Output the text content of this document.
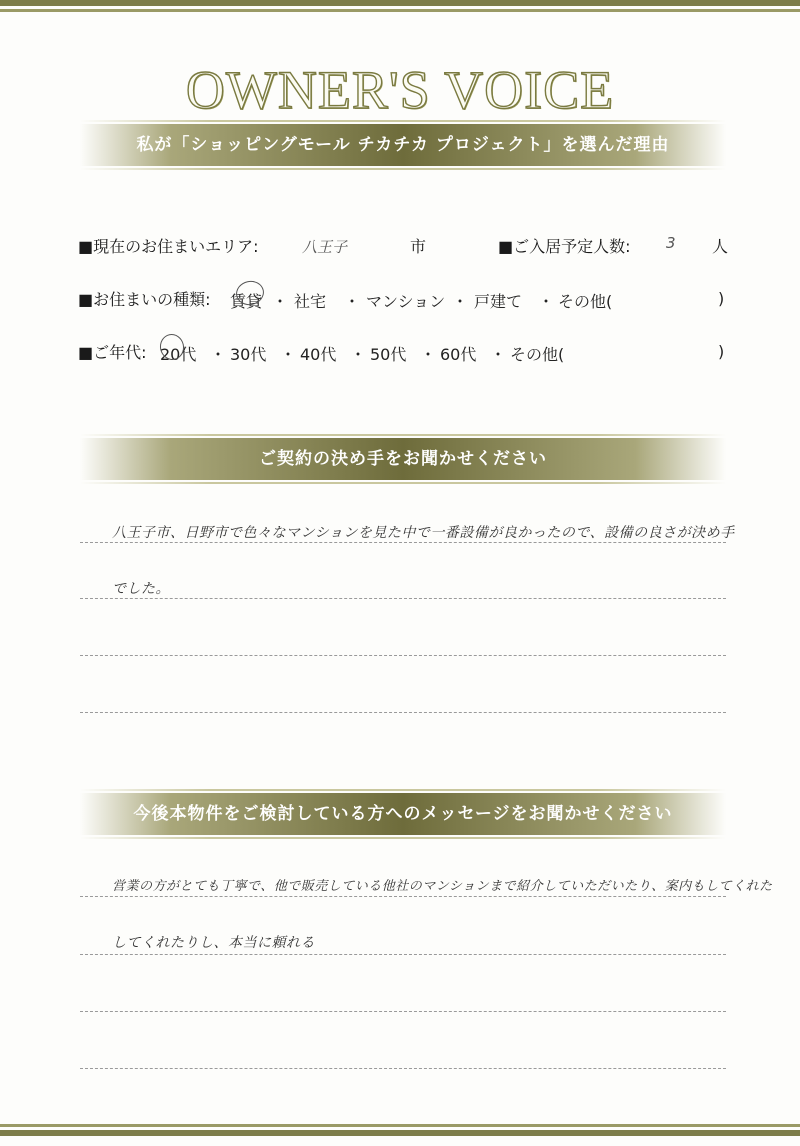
OWNER'S VOICE
私が「ショッピングモール チカチカ プロジェクト」を選んだ理由
■現在のお住まいエリア:	八王子	市	■ご入居予定人数: 3 人
■お住まいの種類: 賃貸 ・ 社宅 ・ マンション ・ 戸建て ・ その他(	)
■ご年代: 20代 ・ 30代 ・ 40代 ・ 50代 ・ 60代 ・ その他(	)
ご契約の決め手をお聞かせください
八王子市、日野市で色々なマンションを見た中で一番設備が良かったので、設備の良さが決め手
でした。
今後本物件をご検討している方へのメッセージをお聞かせください
営業の方がとても丁寧で、他で販売している他社のマンションまで紹介していただいたり、案内もしてくれた
してくれたりし、本当に頼れる
